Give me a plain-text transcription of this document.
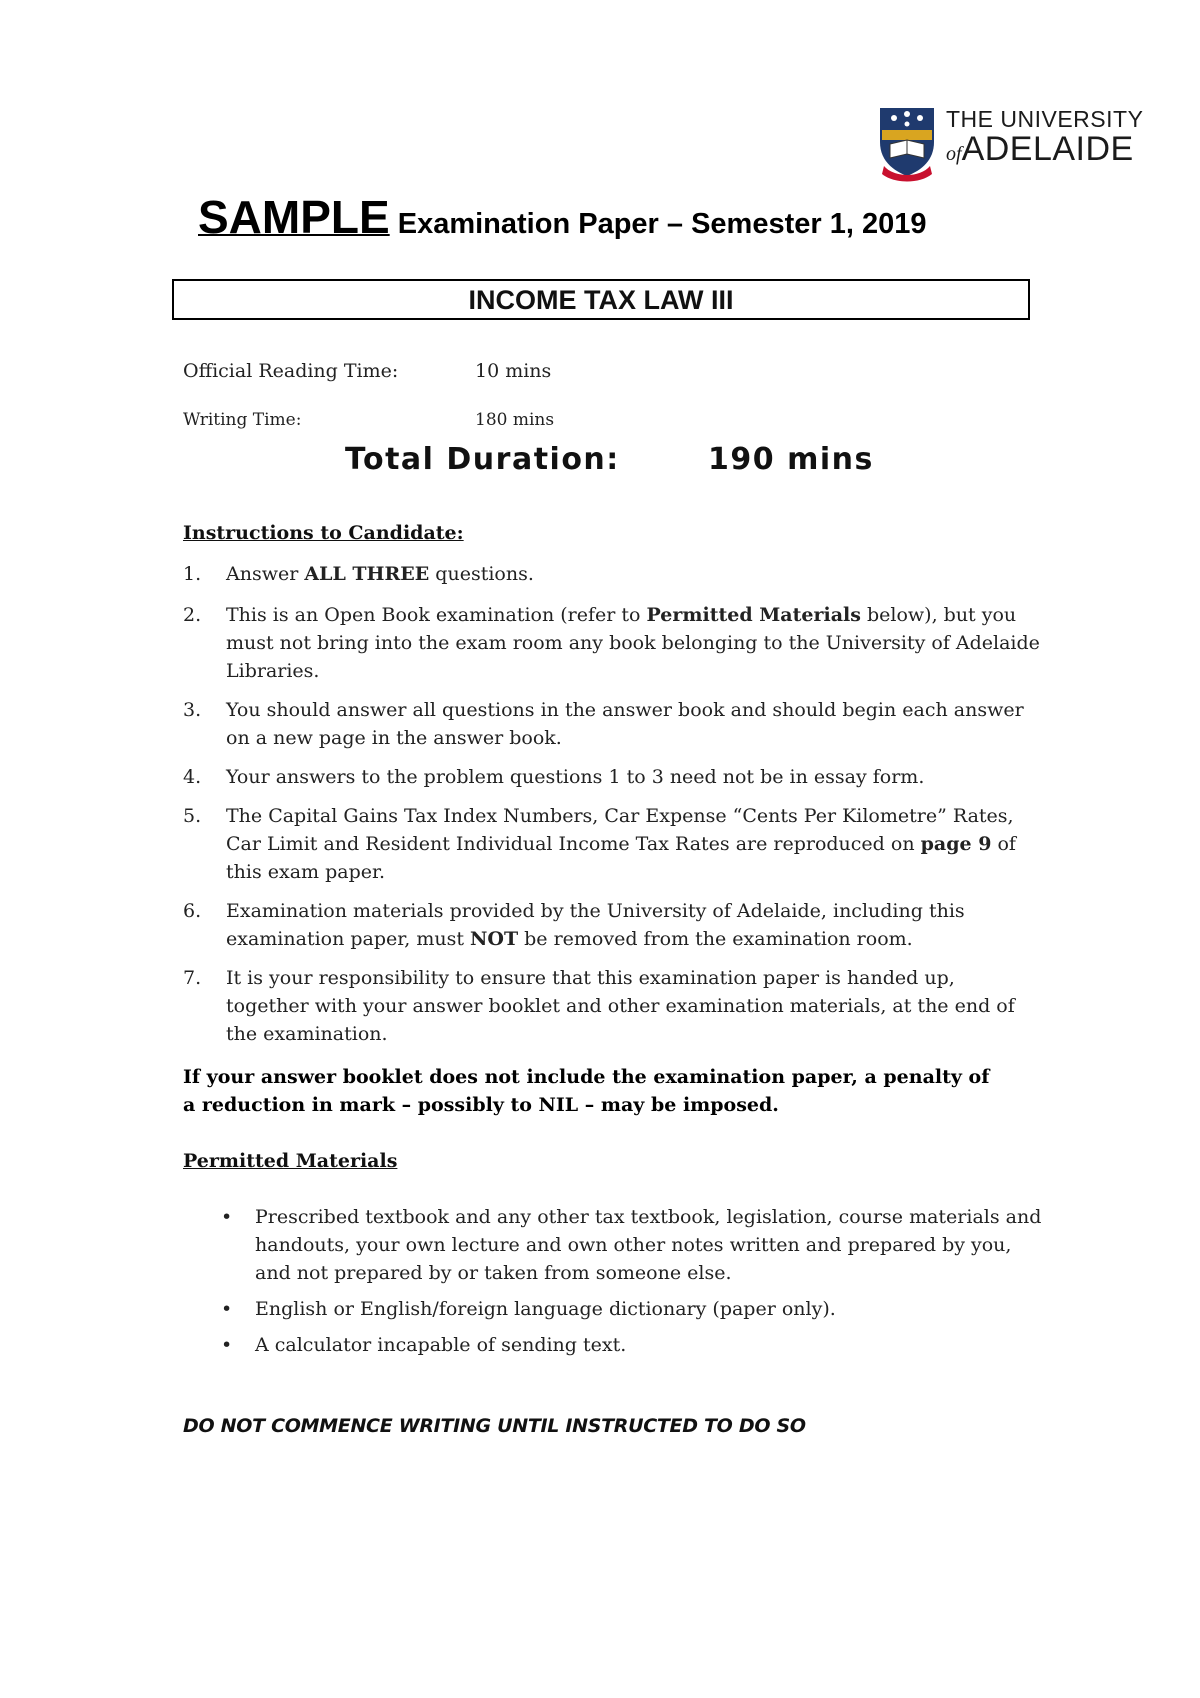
THE UNIVERSITY
ofADELAIDE
SAMPLE Examination Paper – Semester 1, 2019
INCOME TAX LAW III
Official Reading Time:	10 mins
Writing Time:	180 mins
Total Duration:	190 mins
Instructions to Candidate:
1. Answer ALL THREE questions.
2. This is an Open Book examination (refer to Permitted Materials below), but you must not bring into the exam room any book belonging to the University of Adelaide Libraries.
3. You should answer all questions in the answer book and should begin each answer on a new page in the answer book.
4. Your answers to the problem questions 1 to 3 need not be in essay form.
5. The Capital Gains Tax Index Numbers, Car Expense “Cents Per Kilometre” Rates, Car Limit and Resident Individual Income Tax Rates are reproduced on page 9 of this exam paper.
6. Examination materials provided by the University of Adelaide, including this examination paper, must NOT be removed from the examination room.
7. It is your responsibility to ensure that this examination paper is handed up, together with your answer booklet and other examination materials, at the end of the examination.
If your answer booklet does not include the examination paper, a penalty of a reduction in mark – possibly to NIL – may be imposed.
Permitted Materials
• Prescribed textbook and any other tax textbook, legislation, course materials and handouts, your own lecture and own other notes written and prepared by you, and not prepared by or taken from someone else.
• English or English/foreign language dictionary (paper only).
• A calculator incapable of sending text.
DO NOT COMMENCE WRITING UNTIL INSTRUCTED TO DO SO
